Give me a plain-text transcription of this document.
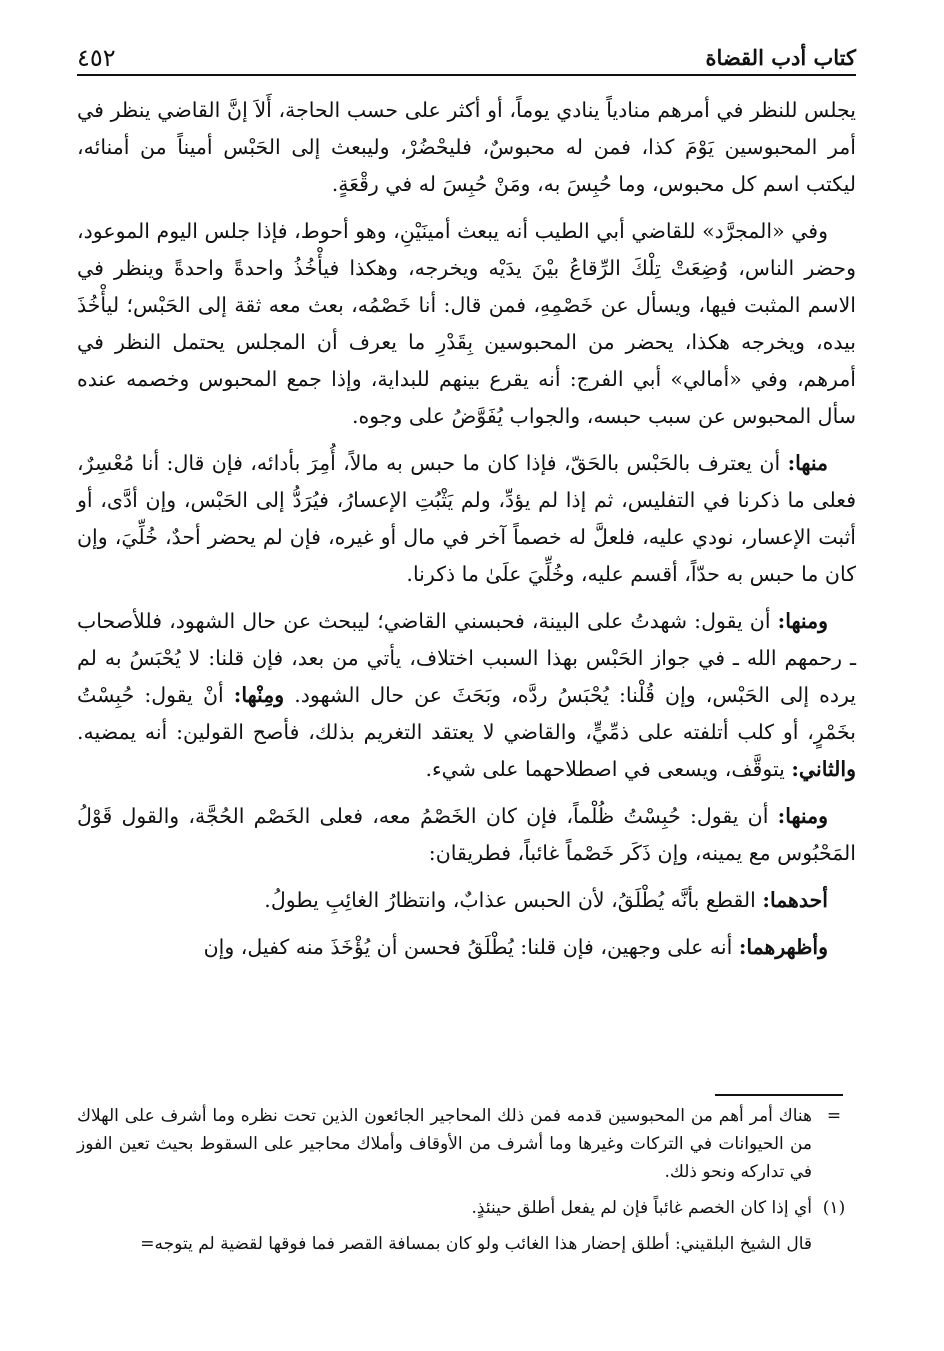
كتاب أدب القضاة
٤٥٢

يجلس للنظر في أمرهم منادياً ينادي يوماً، أو أكثر على حسب الحاجة، أَلاَ إنَّ القاضي ينظر في أمر المحبوسين يَوْمَ كذا، فمن له محبوسٌ، فليحْضُرْ، وليبعث إلى الحَبْس أميناً من أمنائه، ليكتب اسم كل محبوس، وما حُبِسَ به، ومَنْ حُبِسَ له في رقْعَةٍ.

وفي «المجرَّد» للقاضي أبي الطيب أنه يبعث أمينَيْنِ، وهو أحوط، فإذا جلس اليوم الموعود، وحضر الناس، وُضِعَتْ تِلْكَ الرِّقاعُ بيْنَ يدَيْه ويخرجه، وهكذا فيأْخُذُ واحدةً واحدةً وينظر في الاسم المثبت فيها، ويسأل عن خَصْمِهِ، فمن قال: أنا خَصْمُه، بعث معه ثقة إلى الحَبْس؛ ليأْخُذَ بيده، ويخرجه هكذا، يحضر من المحبوسين بِقَدْرِ ما يعرف أن المجلس يحتمل النظر في أمرهم، وفي «أمالي» أبي الفرج: أنه يقرع بينهم للبداية، وإذا جمع المحبوس وخصمه عنده سأل المحبوس عن سبب حبسه، والجواب يُفَوَّضُ على وجوه.

منها: أن يعترف بالحَبْس بالحَقّ، فإذا كان ما حبس به مالاً، أُمِرَ بأدائه، فإن قال: أنا مُعْسِرٌ، فعلى ما ذكرنا في التفليس، ثم إذا لم يؤدِّ، ولم يَثْبُتِ الإعسارُ، فيُرَدُّ إلى الحَبْس، وإن أدَّى، أو أثبت الإعسار، نودي عليه، فلعلَّ له خصماً آخر في مال أو غيره، فإن لم يحضر أحدٌ، خُلِّيَ، وإن كان ما حبس به حدّاً، أقسم عليه، وخُلِّيَ علَىٰ ما ذكرنا.

ومنها: أن يقول: شهدتُ على البينة، فحبسني القاضي؛ ليبحث عن حال الشهود، فللأصحاب ـ رحمهم الله ـ في جواز الحَبْس بهذا السبب اختلاف، يأتي من بعد، فإن قلنا: لا يُحْبَسُ به لم يرده إلى الحَبْس، وإن قُلْنا: يُحْبَسُ ردَّه، وبَحَثَ عن حال الشهود. ومِنْها: أنْ يقول: حُبِسْتُ بخَمْرٍ، أو كلب أتلفته على ذمِّيٍّ، والقاضي لا يعتقد التغريم بذلك، فأصح القولين: أنه يمضيه. والثاني: يتوقَّف، ويسعى في اصطلاحهما على شيء.

ومنها: أن يقول: حُبِسْتُ ظُلْماً، فإن كان الخَصْمُ معه، فعلى الخَصْم الحُجَّة، والقول قَوْلُ المَحْبُوس مع يمينه، وإن ذَكَر خَصْماً غائباً، فطريقان:

أحدهما: القطع بأنَّه يُطْلَقُ، لأن الحبس عذابٌ، وانتظارُ الغائِبِ يطولُ.

وأظهرهما: أنه على وجهين، فإن قلنا: يُطْلَقُ فحسن أن يُؤْخَذَ منه كفيل، وإن

=
هناك أمر أهم من المحبوسين قدمه فمن ذلك المحاجير الجائعون الذين تحت نظره وما أشرف على الهلاك من الحيوانات في التركات وغيرها وما أشرف من الأوقاف وأملاك محاجير على السقوط بحيث تعين الفوز في تداركه ونحو ذلك.
(١)
أي إذا كان الخصم غائباً فإن لم يفعل أطلق حينئذٍ.
قال الشيخ البلقيني: أطلق إحضار هذا الغائب ولو كان بمسافة القصر فما فوقها لقضية لم يتوجه=
